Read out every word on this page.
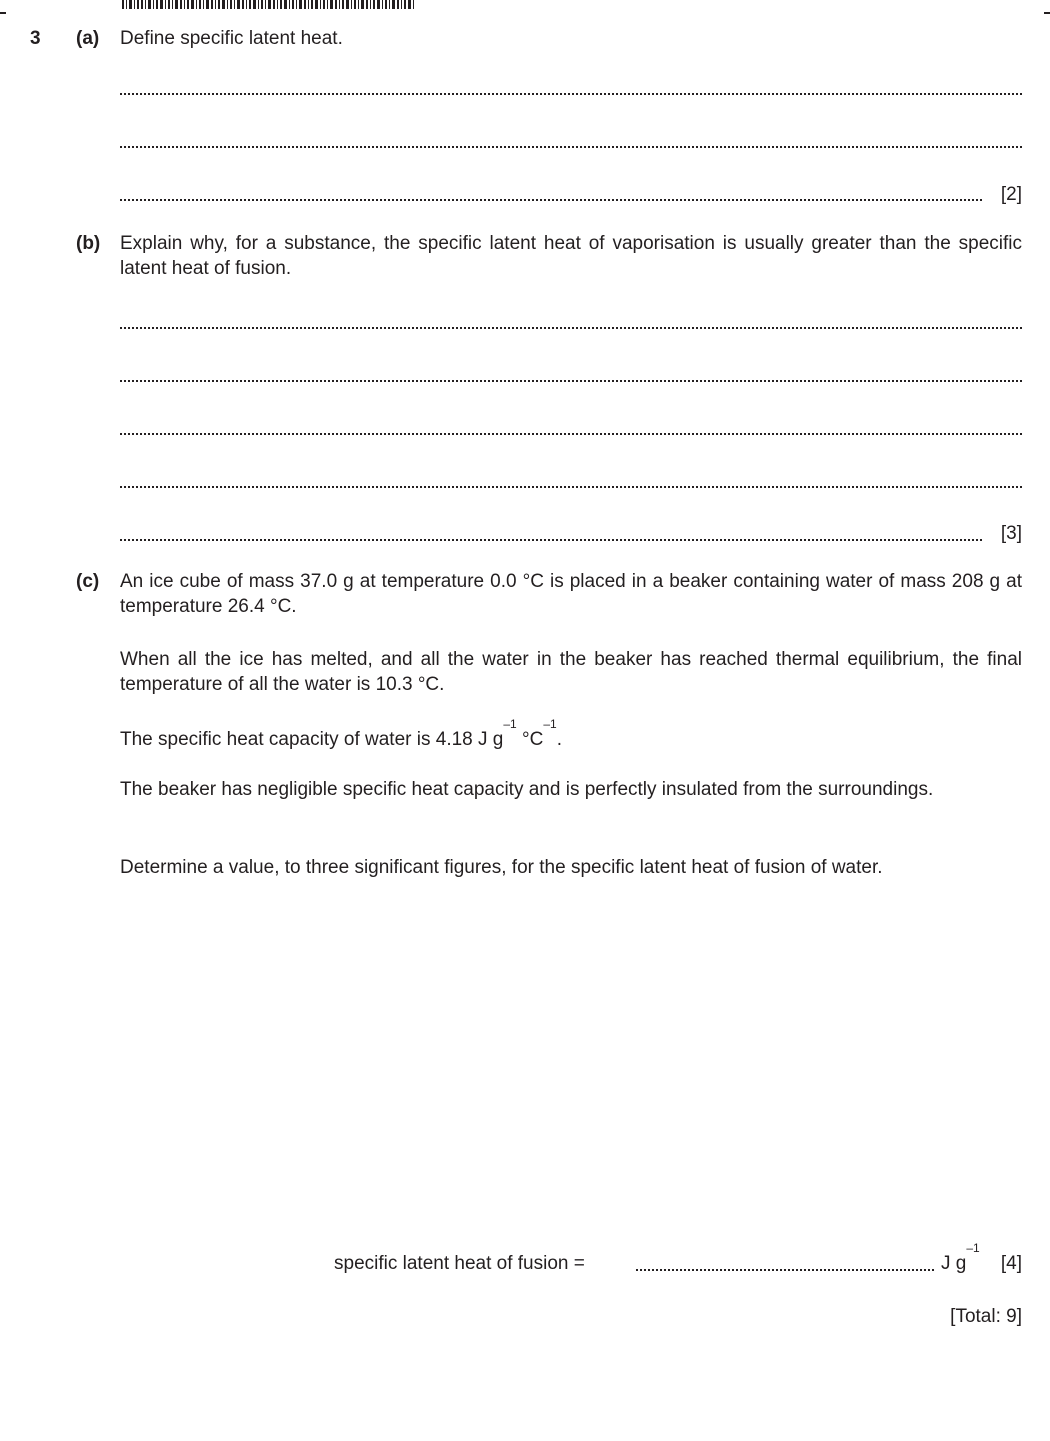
3 (a) Define specific latent heat.
[2]
(b) Explain why, for a substance, the specific latent heat of vaporisation is usually greater than the specific latent heat of fusion.
[3]
(c) An ice cube of mass 37.0 g at temperature 0.0 °C is placed in a beaker containing water of mass 208 g at temperature 26.4 °C.
When all the ice has melted, and all the water in the beaker has reached thermal equilibrium, the final temperature of all the water is 10.3 °C.
The specific heat capacity of water is 4.18 J $g^{-1}$ $^\circ C^{-1}$.
The beaker has negligible specific heat capacity and is perfectly insulated from the surroundings.
Determine a value, to three significant figures, for the specific latent heat of fusion of water.
specific latent heat of fusion =	J $g^{-1}$
[4]
[Total: 9]
